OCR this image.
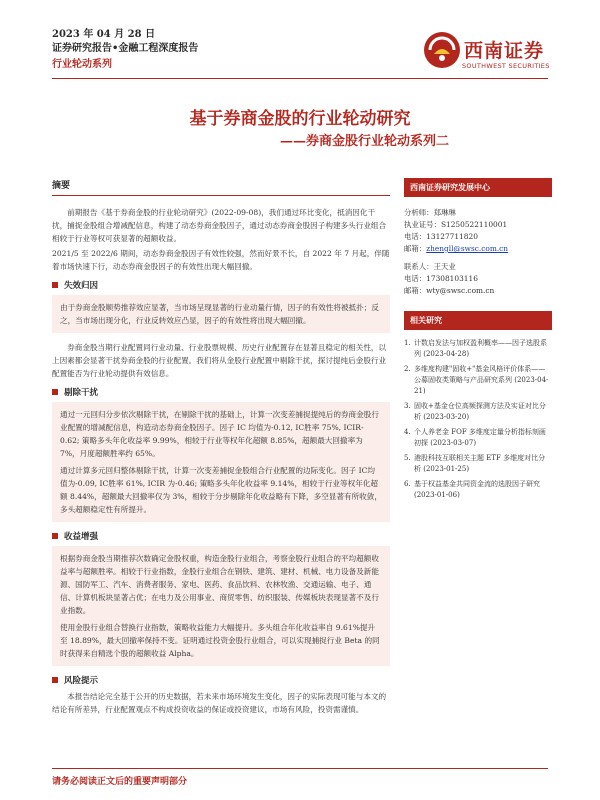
2023 年 04 月 28 日
证券研究报告•金融工程深度报告
行业轮动系列
西南证券
SOUTHWEST SECURITIES
基于券商金股的行业轮动研究
——券商金股行业轮动系列二
摘要

前期报告《基于券商金股的行业轮动研究》(2022-09-08)，我们通过环比变化，抵消因化干扰，捕捉金股组合增减配信息，构建了动态券商金股因子，通过动态券商金股因子构建多头行业组合相较于行业等权可获显著的超额收益。

2021/5 至 2022/6 期间，动态券商金股因子有效性较强，然而好景不长，自 2022 年 7 月起，伴随着市场快速下行，动态券商金股因子的有效性出现大幅回撤。

失效归因

由于券商金股顺势推荐效应显著，当市场呈现显著的行业动量行情，因子的有效性将被抵扑；反之，当市场出现分化，行业反转效应凸显，因子的有效性将出现大幅回撤。

券商金股当期行业配置同行业动量、行业股票规模、历史行业配置存在显著且稳定的相关性，以上因素都会显著干扰券商金股的行业配置。我们将从金股行业配置中剔除干扰，探讨提纯后金股行业配置能否为行业轮动提供有效信息。

剔除干扰

通过一元回归分步依次剔除干扰，在剔除干扰的基础上，计算一次变差捕捉提纯后的券商金股行业配置的增减配信息，构造动态券商金股因子。因子 IC 均值为-0.12, IC胜率 75%, ICIR-0.62; 策略多头年化收益率 9.99%，相较于行业等权年化超额 8.85%，超额最大回撤率为 7%，月度超额胜率约 65%。

通过计算多元回归整体剔除干扰，计算一次变差捕捉金股组合行业配置的边际变化。因子 IC均值为-0.09, IC胜率 61%, ICIR 为-0.46; 策略多头年化收益率 9.14%，相较于行业等权年化超额 8.44%，超额最大回撤率仅为 3%，相较于分步剔除年化收益略有下降，多空显著有所收敛，多头超额稳定性有所提升。

收益增强

根据券商金股当期推荐次数确定金股权重，构造金股行业组合，考察金股行业组合的平均超额收益率与超额胜率。相较于行业指数，金股行业组合在钢铁、建筑、建材、机械、电力设备及新能源、国防军工、汽车、消费者服务、家电、医药、食品饮料、农林牧渔、交通运输、电子、通信、计算机板块显著占优；在电力及公用事业、商贸零售、纺织服装、传媒板块表现显著不及行业指数。

使用金股行业组合替换行业指数，策略收益能力大幅提升。多头组合年化收益率自 9.61%提升至 18.89%，最大回撤率保持不变。证明通过投资金股行业组合，可以实现捕捉行业 Beta 的同时获得来自精选个股的超额收益 Alpha。

风险提示

本报告结论完全基于公开的历史数据，若未来市场环境发生变化，因子的实际表现可能与本文的结论有所差异，行业配置观点不构成投资收益的保证或投资建议，市场有风险，投资需谨慎。

西南证券研究发展中心
分析师：郑琳琳
执业证号：S1250522110001
电话：13127711820
邮箱：zhengll@swsc.com.cn
联系人：王天业
电话：17308103116
邮箱：wty@swsc.com.cn
相关研究
1. 计数启发法与加权盈利概率——因子选股系列 (2023-04-28)
2. 多维度构建"固收+"基金风格评价体系——公募固收类策略与产品研究系列 (2023-04-21)
3. 固收+基金仓位高频探测方法及实证对比分析 (2023-03-20)
4. 个人养老金 FOF 多维度定量分析指标刻画初探 (2023-03-07)
5. 港股科技互联相关主题 ETF 多维度对比分析 (2023-01-25)
6. 基于权益基金共同资金流的选股因子研究 (2023-01-06)
请务必阅读正文后的重要声明部分
